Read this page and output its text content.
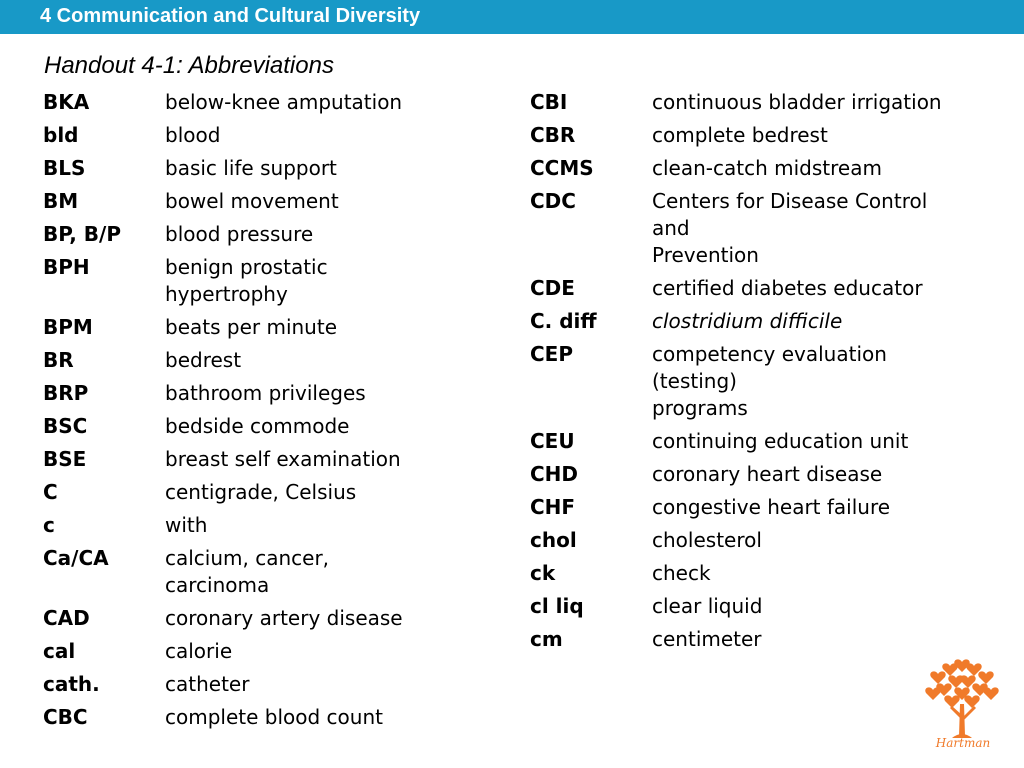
4 Communication and Cultural Diversity
Handout 4-1: Abbreviations
BKA	below-knee amputation
bld	blood
BLS	basic life support
BM	bowel movement
BP, B/P	blood pressure
BPH	benign prostatic
hypertrophy
BPM	beats per minute
BR	bedrest
BRP	bathroom privileges
BSC	bedside commode
BSE	breast self examination
C	centigrade, Celsius
c	with
Ca/CA	calcium, cancer,
carcinoma
CAD	coronary artery disease
cal	calorie
cath.	catheter
CBC	complete blood count
CBI	continuous bladder irrigation
CBR	complete bedrest
CCMS	clean-catch midstream
CDC	Centers for Disease Control
and
Prevention
CDE	certified diabetes educator
C. diff	clostridium difficile
CEP	competency evaluation
(testing)
programs
CEU	continuing education unit
CHD	coronary heart disease
CHF	congestive heart failure
chol	cholesterol
ck	check
cl liq	clear liquid
cm	centimeter
Hartman
